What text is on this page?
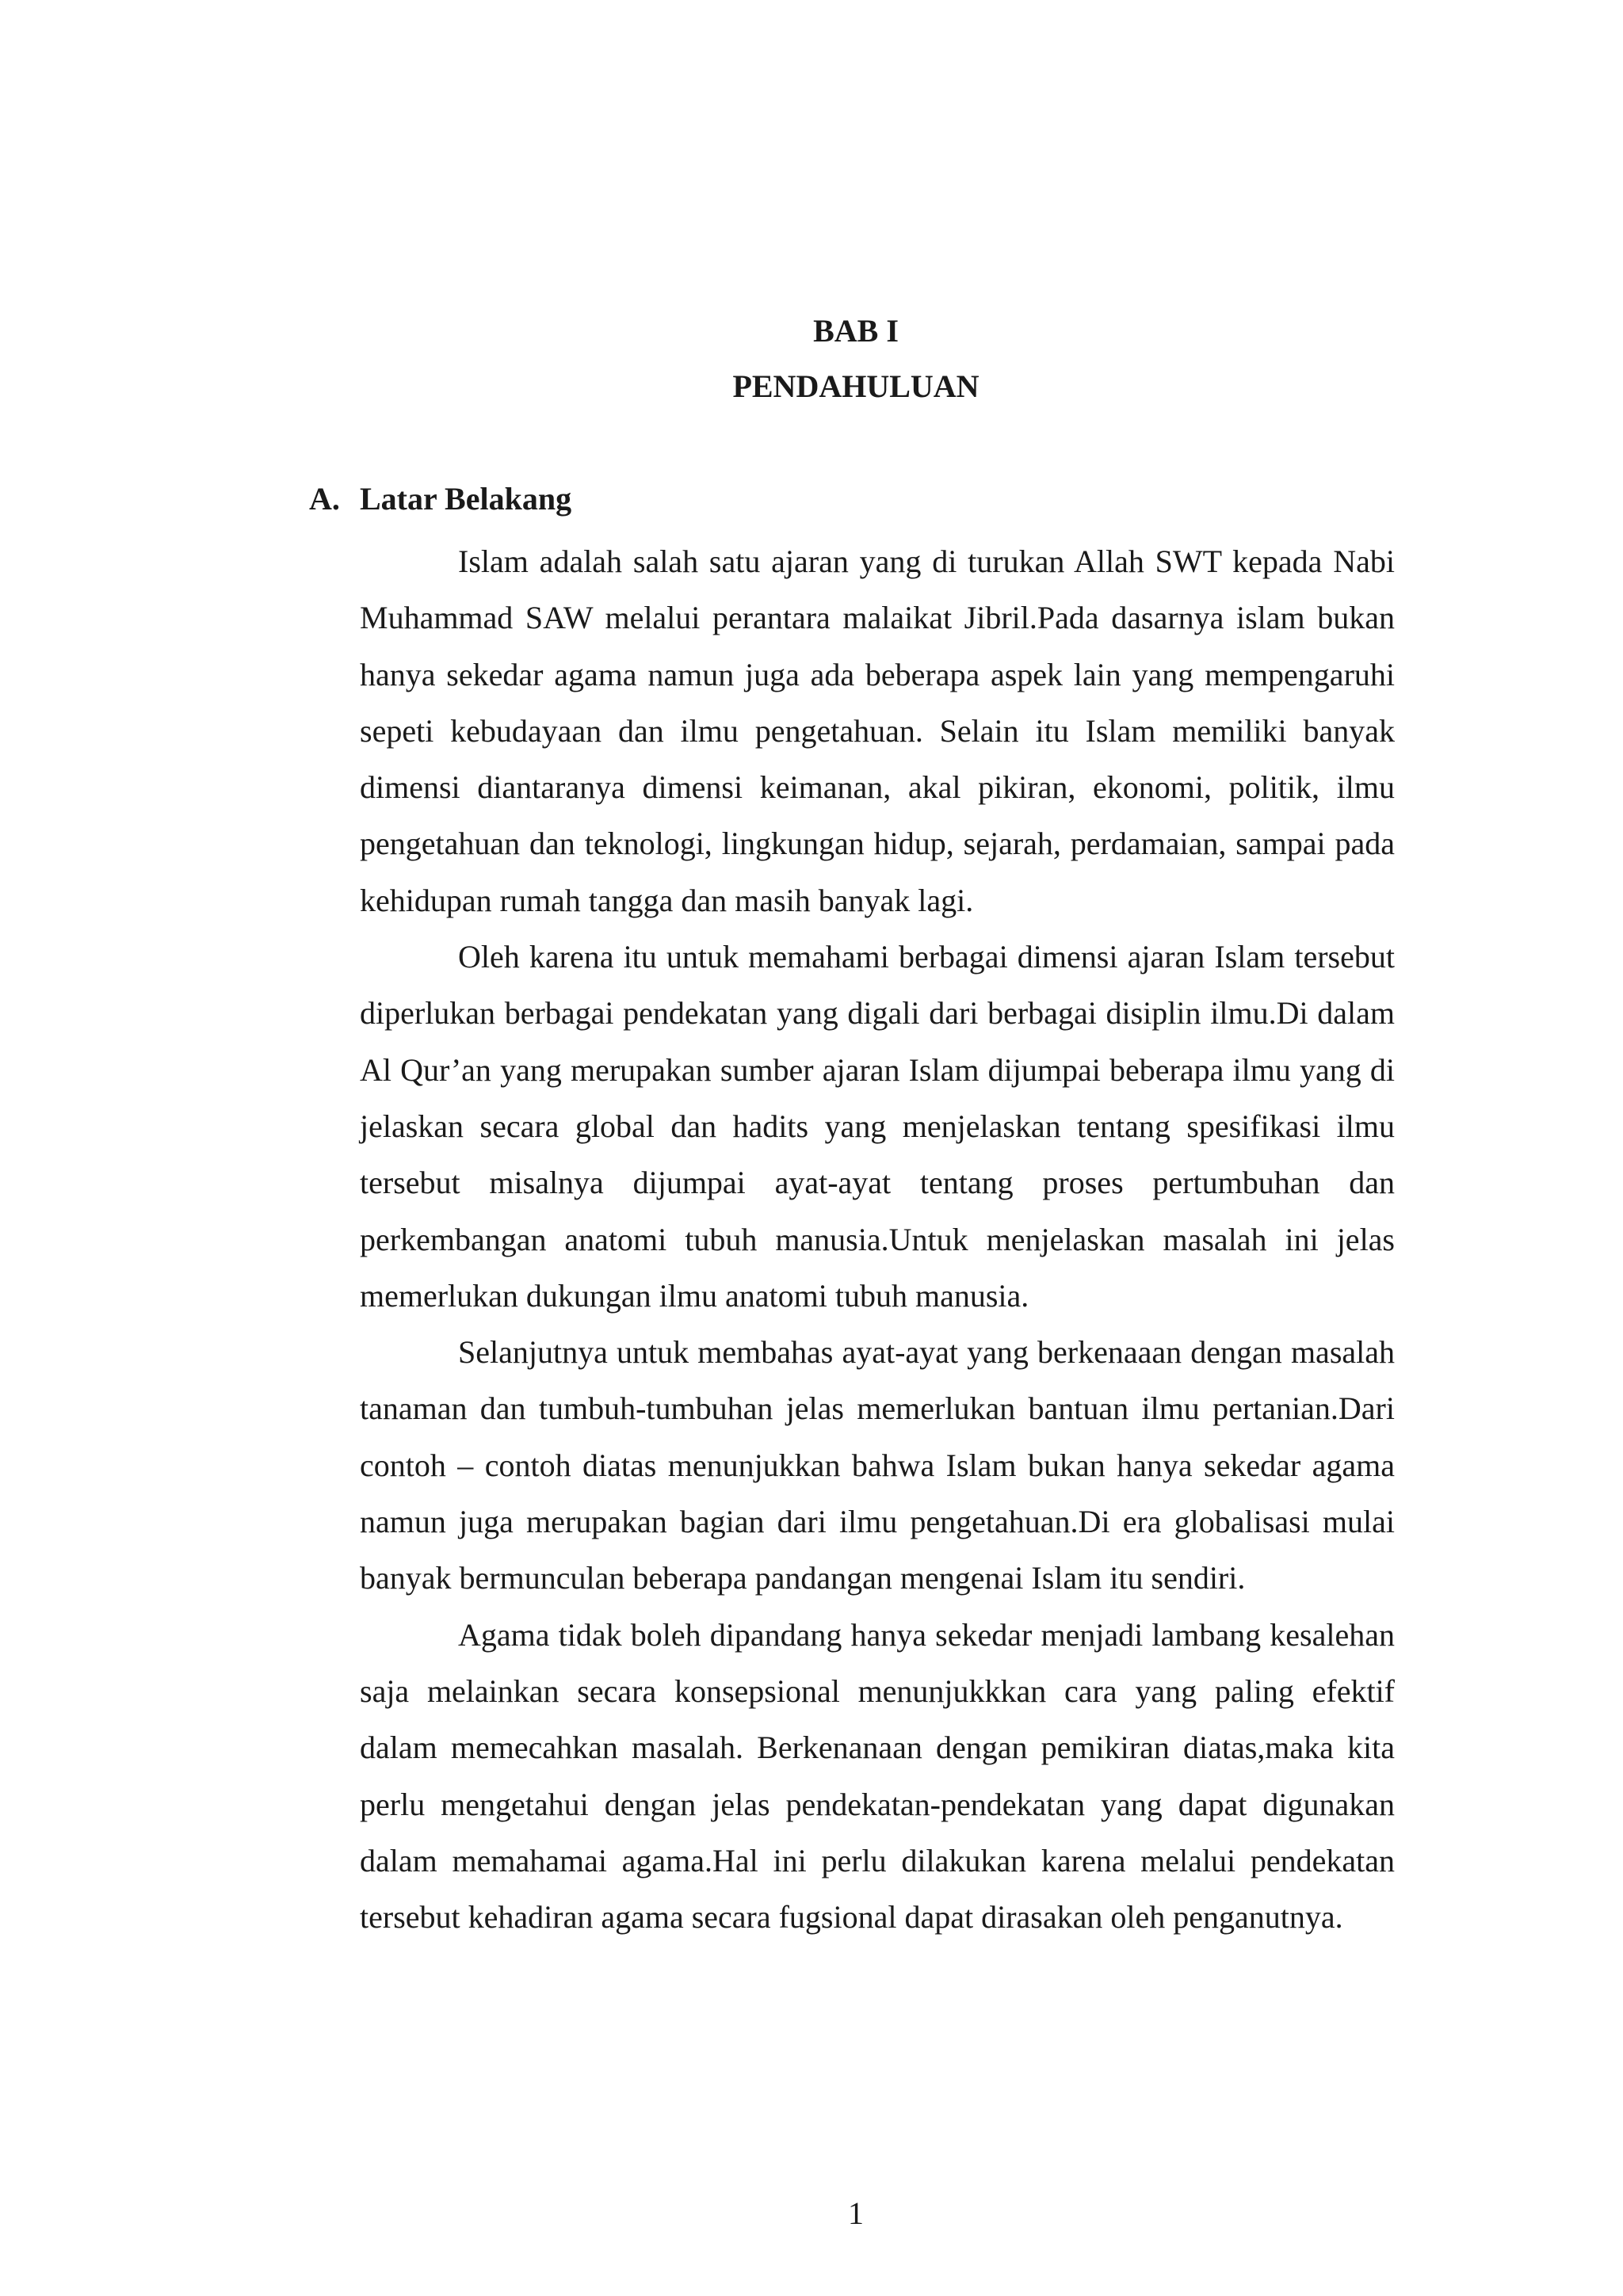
BAB I
PENDAHULUAN
A. Latar Belakang

Islam adalah salah satu ajaran yang di turukan Allah SWT kepada Nabi Muhammad SAW melalui perantara malaikat Jibril.Pada dasarnya islam bukan hanya sekedar agama namun juga ada beberapa aspek lain yang mempengaruhi sepeti kebudayaan dan ilmu pengetahuan. Selain itu Islam memiliki banyak dimensi diantaranya dimensi keimanan, akal pikiran, ekonomi, politik, ilmu pengetahuan dan teknologi, lingkungan hidup, sejarah, perdamaian, sampai pada kehidupan rumah tangga dan masih banyak lagi.

Oleh karena itu untuk memahami berbagai dimensi ajaran Islam tersebut diperlukan berbagai pendekatan yang digali dari berbagai disiplin ilmu.Di dalam Al Qur’an yang merupakan sumber ajaran Islam dijumpai beberapa ilmu yang di jelaskan secara global dan hadits yang menjelaskan tentang spesifikasi ilmu tersebut misalnya dijumpai ayat-ayat tentang proses pertumbuhan dan perkembangan anatomi tubuh manusia.Untuk menjelaskan masalah ini jelas memerlukan dukungan ilmu anatomi tubuh manusia.

Selanjutnya untuk membahas ayat-ayat yang berkenaaan dengan masalah tanaman dan tumbuh-tumbuhan jelas memerlukan bantuan ilmu pertanian.Dari contoh – contoh diatas menunjukkan bahwa Islam bukan hanya sekedar agama namun juga merupakan bagian dari ilmu pengetahuan.Di era globalisasi mulai banyak bermunculan beberapa pandangan mengenai Islam itu sendiri.

Agama tidak boleh dipandang hanya sekedar menjadi lambang kesalehan saja melainkan secara konsepsional menunjukkkan cara yang paling efektif dalam memecahkan masalah. Berkenanaan dengan pemikiran diatas,maka kita perlu mengetahui dengan jelas pendekatan-pendekatan yang dapat digunakan dalam memahamai agama.Hal ini perlu dilakukan karena melalui pendekatan tersebut kehadiran agama secara fugsional dapat dirasakan oleh penganutnya.

1
